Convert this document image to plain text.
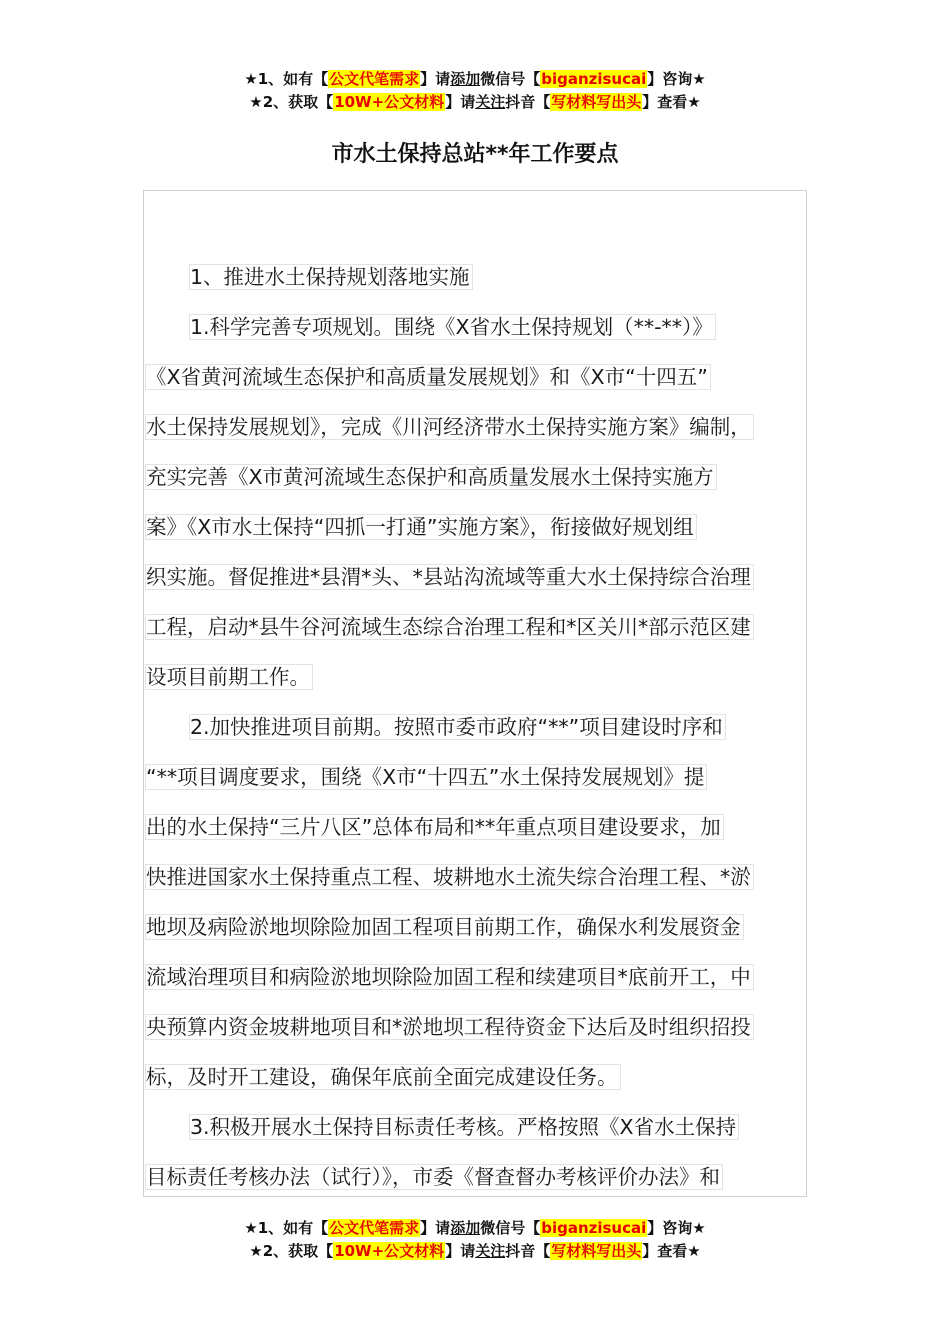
★1、如有【公文代笔需求】请添加微信号【biganzisucai】咨询★
★2、获取【10W+公文材料】请关注抖音【写材料写出头】查看★
市水土保持总站**年工作要点
1、推进水土保持规划落地实施
1.科学完善专项规划。围绕《X省水土保持规划（**-**）》
《X省黄河流域生态保护和高质量发展规划》和《X市“十四五”
水土保持发展规划》，完成《川河经济带水土保持实施方案》编制，
充实完善《X市黄河流域生态保护和高质量发展水土保持实施方
案》《X市水土保持“四抓一打通”实施方案》，衔接做好规划组
织实施。督促推进*县渭*头、*县站沟流域等重大水土保持综合治理
工程，启动*县牛谷河流域生态综合治理工程和*区关川*部示范区建
设项目前期工作。
2.加快推进项目前期。按照市委市政府“**”项目建设时序和
“**项目调度要求，围绕《X市“十四五”水土保持发展规划》提
出的水土保持“三片八区”总体布局和**年重点项目建设要求，加
快推进国家水土保持重点工程、坡耕地水土流失综合治理工程、*淤
地坝及病险淤地坝除险加固工程项目前期工作，确保水利发展资金
流域治理项目和病险淤地坝除险加固工程和续建项目*底前开工，中
央预算内资金坡耕地项目和*淤地坝工程待资金下达后及时组织招投
标，及时开工建设，确保年底前全面完成建设任务。
3.积极开展水土保持目标责任考核。严格按照《X省水土保持
目标责任考核办法（试行）》，市委《督查督办考核评价办法》和
★1、如有【公文代笔需求】请添加微信号【biganzisucai】咨询★
★2、获取【10W+公文材料】请关注抖音【写材料写出头】查看★
